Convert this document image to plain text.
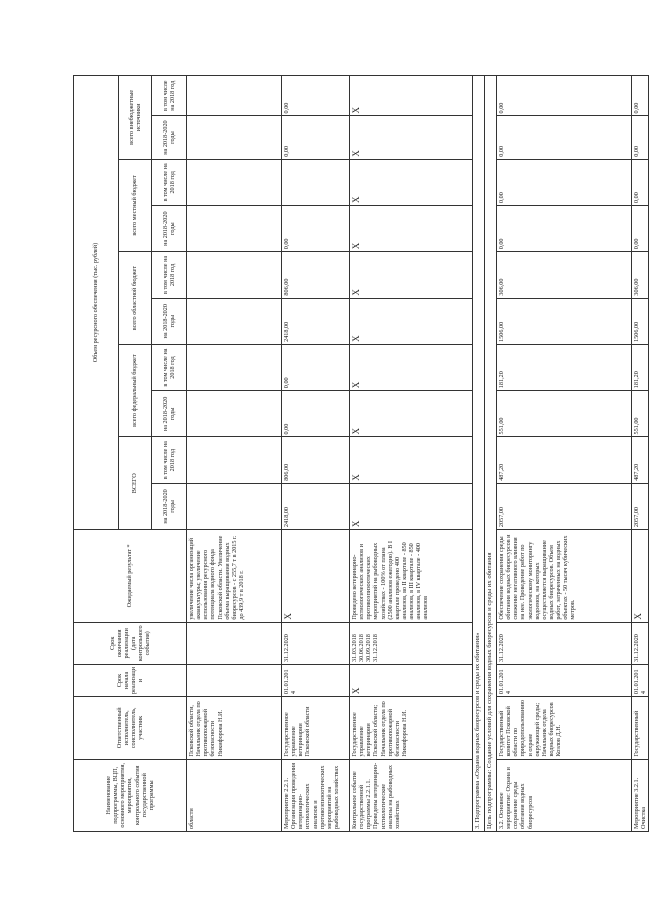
Наименование подпрограммы, ВЦП, основного мероприятия, мероприятия, контрольного события государственной программы	Ответственный исполнитель, соисполнитель, участник	Срок начала реализации	Срок окончания реализации (дата контрольного события)	Ожидаемый результат *	Объем ресурсного обеспечения (тыс. рублей)									
					ВСЕГО		всего федеральный бюджет		всего областной бюджет		всего местный бюджет		всего внебюджетные источники	
					на 2018-2020 годы	в том числе на 2018 год	на 2018-2020 годы	в том числе на 2018 год	на 2018-2020 годы	в том числе на 2018 год	на 2018-2020 годы	в том числе на 2018 год	на 2018-2020 годы	в том числе на 2018 год
области	Псковской области, Начальник отдела по противопожарной безопасности Никифорова Н.И.			увеличение числа организаций аквакультуры; увеличение использования ресурсного потенциала водного фонда Псковской области. Увеличение объема выращивания водных биоресурсов - с 255,7 т в 2015 г. до 439,9 т в 2018 г.										
Мероприятие 2.2.1. Организация проведения ветеринарно-ихтиологических анализов и противоэпизоотических мероприятий на рыбоводных хозяйствах	Государственное управление ветеринарии Псковской области	01.01.2014	31.12.2020	X	2418,00	806,00	0,00	0,00	2418,00	806,00	0,00		0,00	0,00
Контрольное событие государственной программы 2.2.1.1. Проведены ветеринарно-ихтиологические анализы на рыбоводных хозяйствах	Государственное управление ветеринарии Псковской области; Начальник отдела по противопожарной безопасности Никифорова Н.И.	X	31.03.2018 30.06.2018 30.09.2018 31.12.2018	Проведено ветеринарно-ихтиологических анализов и противоэпизоотических мероприятий на рыбоводных хозяйствах - 100% от плана (2500 анализов ежегодно). В I квартале проведено 400 анализов, во II квартале - 850 анализов, в III квартале - 850 анализов, в IV квартале - 400 анализов	X	X	X	X	X	X	X	X	X	X
3. Подпрограмма «Охрана водных биоресурсов и среды их обитания»														
Цель подпрограммы: Создание условий для сохранения водных биоресурсов и среды их обитания														
3.2. Основное мероприятие: Охрана и сохранение среды обитания водных биоресурсов	Государственный комитет Псковской области по природопользованию и охране окружающей среды; Начальник отдела водных биоресурсов Козлов Д.Н.	01.01.2014	31.12.2020	Обеспечение сохранения среды обитания водных биоресурсов и снижение негативного влияния на нее. Проведение работ по экологическому мониторингу водоемов, на которых осуществляется выращивание водных биоресурсов. Объем работ, затраченных на водных объектах - 50 тысяч кубических метров.	2057,00	487,20	551,00	181,20	1506,00	306,00	0,00	0,00	0,00	0,00
Мероприятие 3.2.1. Очистка	Государственный	01.01.2014	31.12.2020	X	2057,00	487,20	551,00	181,20	1506,00	306,00	0,00	0,00	0,00	0,00
